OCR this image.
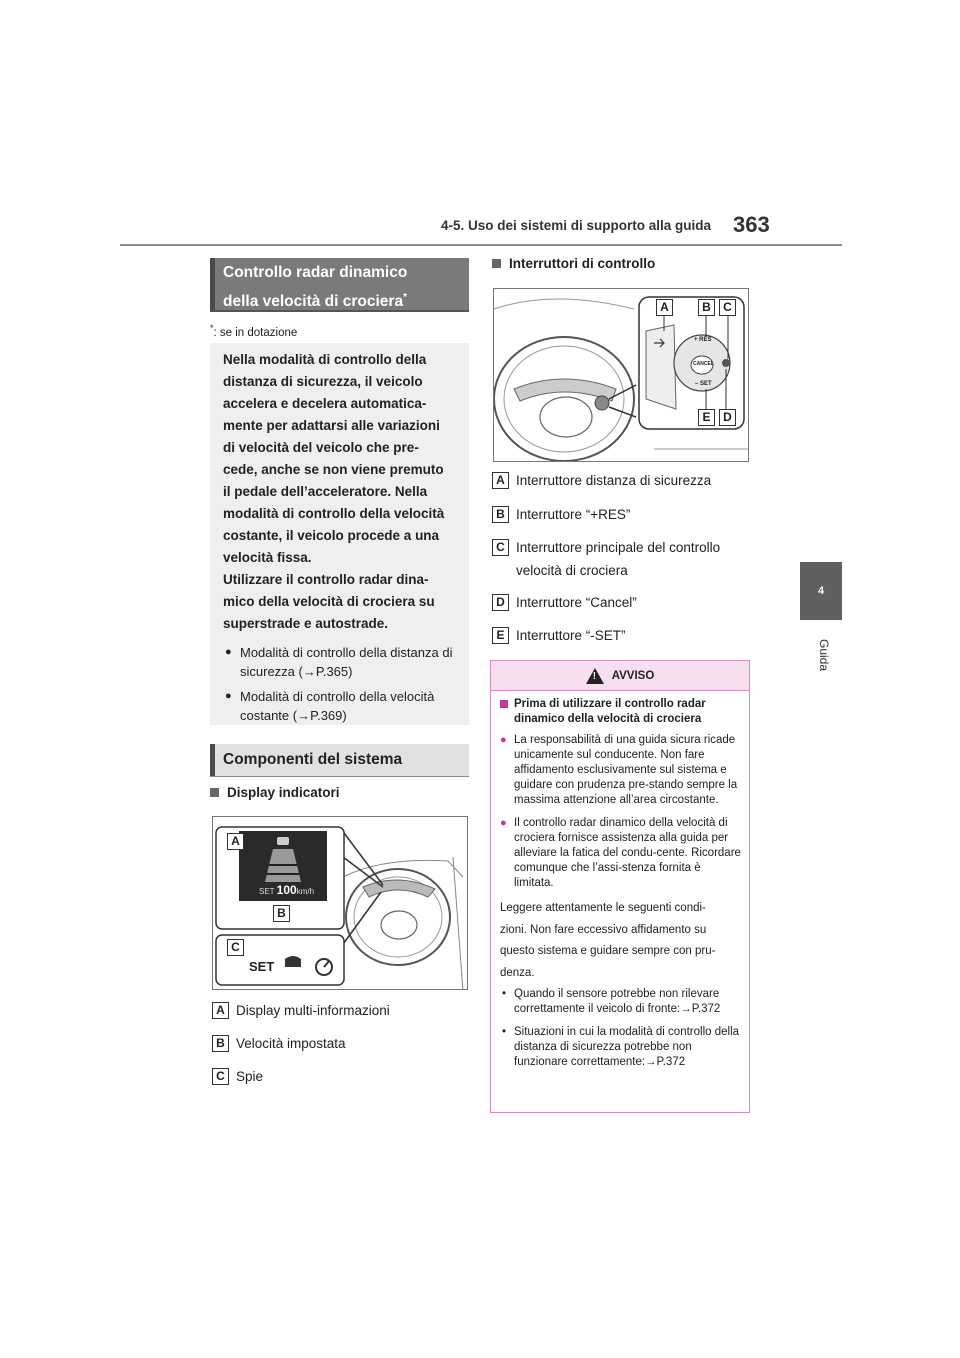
4-5. Uso dei sistemi di supporto alla guida 363
4
Guida
Controllo radar dinamico
della velocità di crociera*
*: se in dotazione

Nella modalità di controllo della

distanza di sicurezza, il veicolo

accelera e decelera automatica-

mente per adattarsi alle variazioni

di velocità del veicolo che pre-

cede, anche se non viene premuto

il pedale dell’acceleratore. Nella

modalità di controllo della velocità

costante, il veicolo procede a una

velocità fissa.

Utilizzare il controllo radar dina-

mico della velocità di crociera su

superstrade e autostrade.

● Modalità di controllo della distanza di sicurezza (→P.365)
● Modalità di controllo della velocità costante (→P.369)
Componenti del sistema
Display indicatori
A
B
C
SET 100km/h
SET
A Display multi-informazioni
B Velocità impostata
C Spie
Interruttori di controllo
A	B	C
E	D
+ RES
CANCEL
– SET
A Interruttore distanza di sicurezza
B Interruttore “+RES”
C Interruttore principale del controllo
velocità di crociera
D Interruttore “Cancel”
E Interruttore “-SET”
!
AVVISO
Prima di utilizzare il controllo radar dinamico della velocità di crociera
● La responsabilità di una guida sicura ricade unicamente sul conducente. Non fare affidamento esclusivamente sul sistema e guidare con prudenza pre-stando sempre la massima attenzione all’area circostante.
● Il controllo radar dinamico della velocità di crociera fornisce assistenza alla guida per alleviare la fatica del condu-cente. Ricordare comunque che l’assi-stenza fornita è limitata.
Leggere attentamente le seguenti condi-
zioni. Non fare eccessivo affidamento su
questo sistema e guidare sempre con pru-
denza.
• Quando il sensore potrebbe non rilevare correttamente il veicolo di fronte:→P.372
• Situazioni in cui la modalità di controllo della distanza di sicurezza potrebbe non funzionare correttamente:→P.372
